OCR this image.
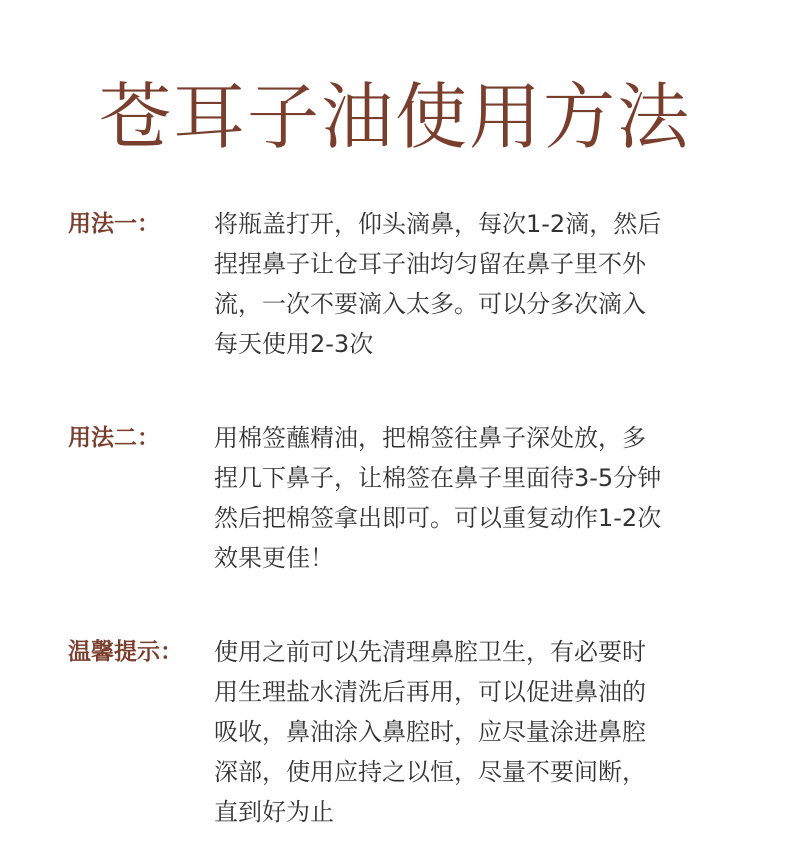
苍耳子油使用方法
用法一： 将瓶盖打开，仰头滴鼻，每次1-2滴，然后
捏捏鼻子让仓耳子油均匀留在鼻子里不外
流，一次不要滴入太多。可以分多次滴入
每天使用2-3次
用法二： 用棉签蘸精油，把棉签往鼻子深处放，多
捏几下鼻子，让棉签在鼻子里面待3-5分钟
然后把棉签拿出即可。可以重复动作1-2次
效果更佳！
温馨提示： 使用之前可以先清理鼻腔卫生，有必要时
用生理盐水清洗后再用，可以促进鼻油的
吸收，鼻油涂入鼻腔时，应尽量涂进鼻腔
深部，使用应持之以恒，尽量不要间断，
直到好为止
